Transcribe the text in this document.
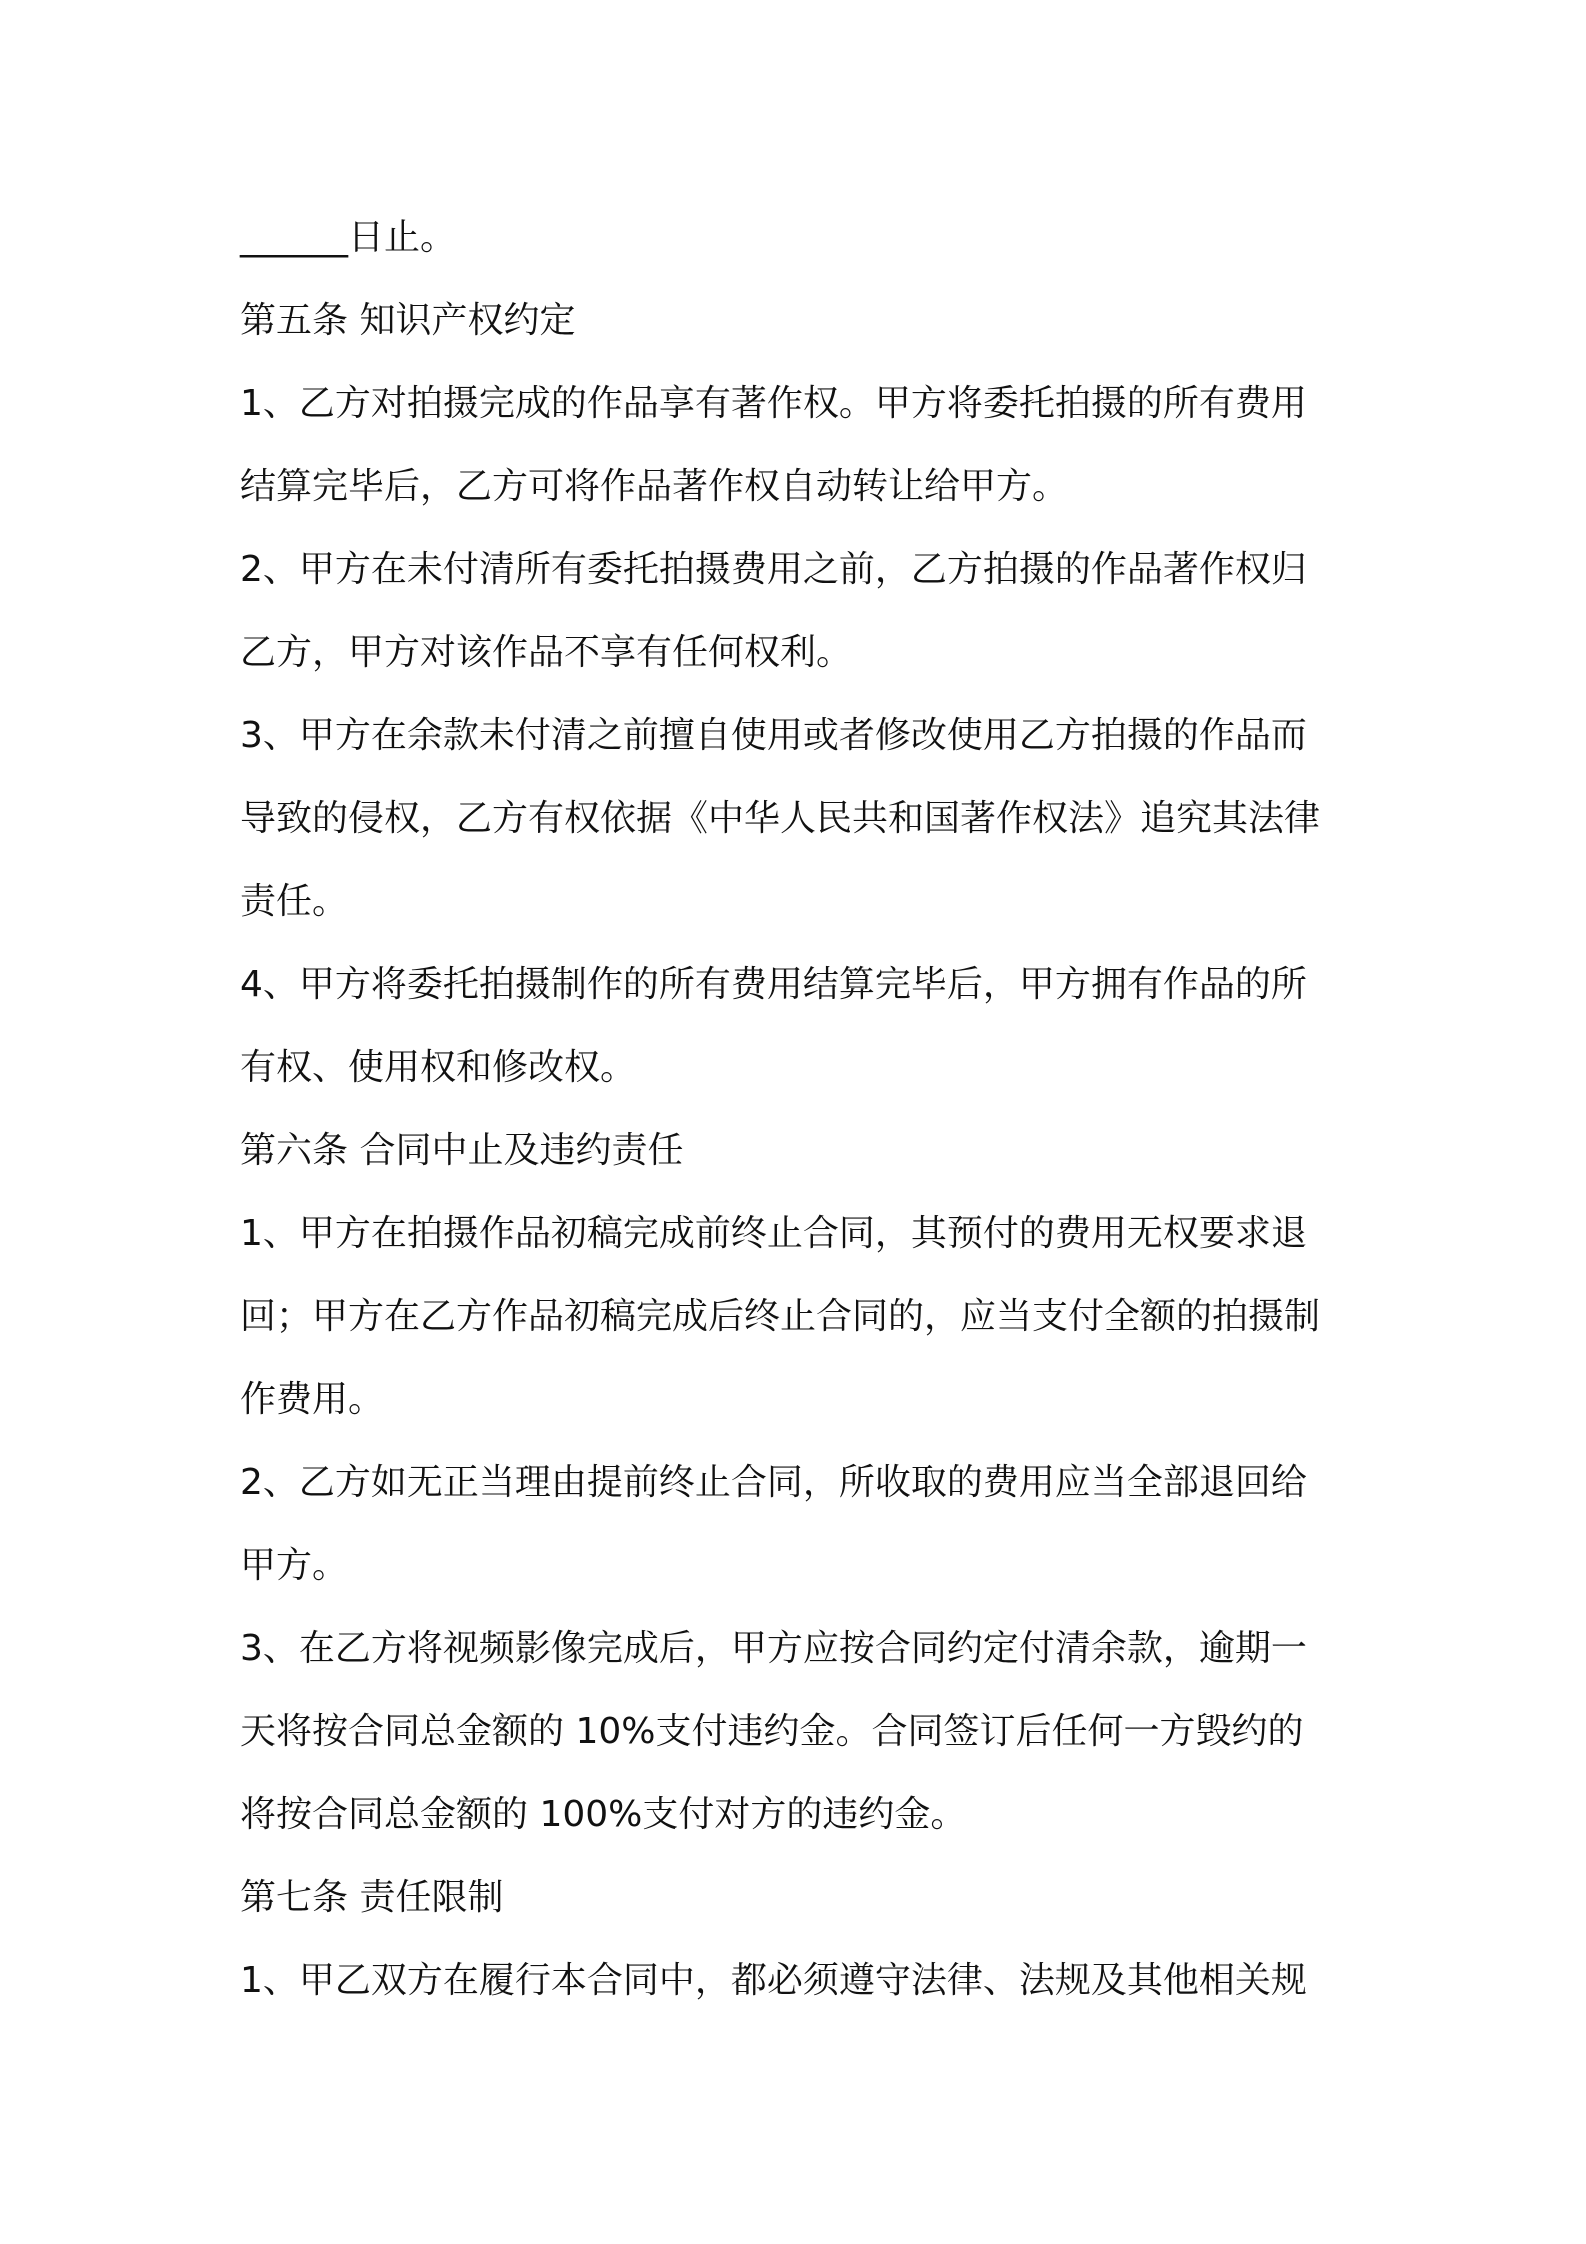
______日止。
第五条 知识产权约定
1、乙方对拍摄完成的作品享有著作权。甲方将委托拍摄的所有费用
结算完毕后，乙方可将作品著作权自动转让给甲方。
2、甲方在未付清所有委托拍摄费用之前，乙方拍摄的作品著作权归
乙方，甲方对该作品不享有任何权利。
3、甲方在余款未付清之前擅自使用或者修改使用乙方拍摄的作品而
导致的侵权，乙方有权依据《中华人民共和国著作权法》追究其法律
责任。
4、甲方将委托拍摄制作的所有费用结算完毕后，甲方拥有作品的所
有权、使用权和修改权。
第六条 合同中止及违约责任
1、甲方在拍摄作品初稿完成前终止合同，其预付的费用无权要求退
回；甲方在乙方作品初稿完成后终止合同的，应当支付全额的拍摄制
作费用。
2、乙方如无正当理由提前终止合同，所收取的费用应当全部退回给
甲方。
3、在乙方将视频影像完成后，甲方应按合同约定付清余款，逾期一
天将按合同总金额的 10%支付违约金。合同签订后任何一方毁约的
将按合同总金额的 100%支付对方的违约金。
第七条 责任限制
1、甲乙双方在履行本合同中，都必须遵守法律、法规及其他相关规
